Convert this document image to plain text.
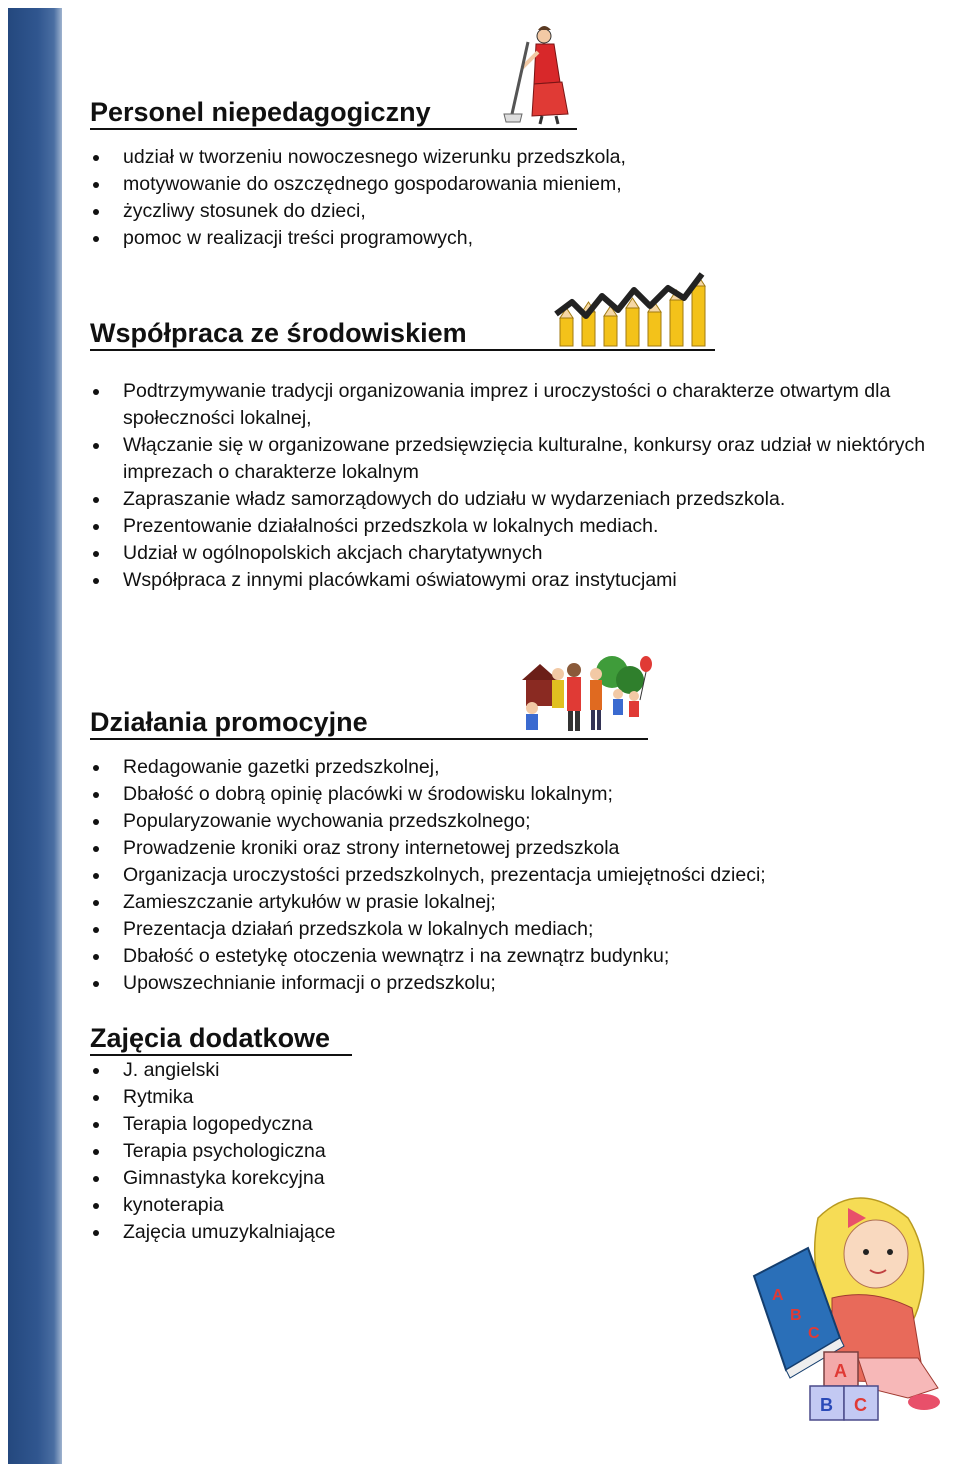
Personel niepedagogiczny
udział w tworzeniu nowoczesnego wizerunku przedszkola,
motywowanie do oszczędnego gospodarowania mieniem,
życzliwy stosunek do dzieci,
pomoc w realizacji treści programowych,
Współpraca ze środowiskiem
Podtrzymywanie tradycji organizowania imprez i uroczystości o charakterze otwartym dla społeczności lokalnej,
Włączanie się w organizowane przedsięwzięcia kulturalne, konkursy oraz udział w niektórych imprezach o charakterze lokalnym
Zapraszanie władz samorządowych do udziału w wydarzeniach przedszkola.
Prezentowanie działalności przedszkola w lokalnych mediach.
Udział w ogólnopolskich akcjach charytatywnych
Współpraca z innymi placówkami oświatowymi oraz instytucjami
Działania promocyjne
Redagowanie gazetki przedszkolnej,
Dbałość o dobrą opinię placówki w środowisku lokalnym;
Popularyzowanie wychowania przedszkolnego;
Prowadzenie kroniki oraz strony internetowej przedszkola
Organizacja uroczystości przedszkolnych, prezentacja umiejętności dzieci;
Zamieszczanie artykułów w prasie lokalnej;
Prezentacja działań przedszkola w lokalnych mediach;
Dbałość o estetykę otoczenia wewnątrz i na zewnątrz budynku;
Upowszechnianie informacji o przedszkolu;
Zajęcia dodatkowe
J. angielski
Rytmika
Terapia logopedyczna
Terapia psychologiczna
Gimnastyka korekcyjna
kynoterapia
Zajęcia umuzykalniające
A
B
C
A
B C
